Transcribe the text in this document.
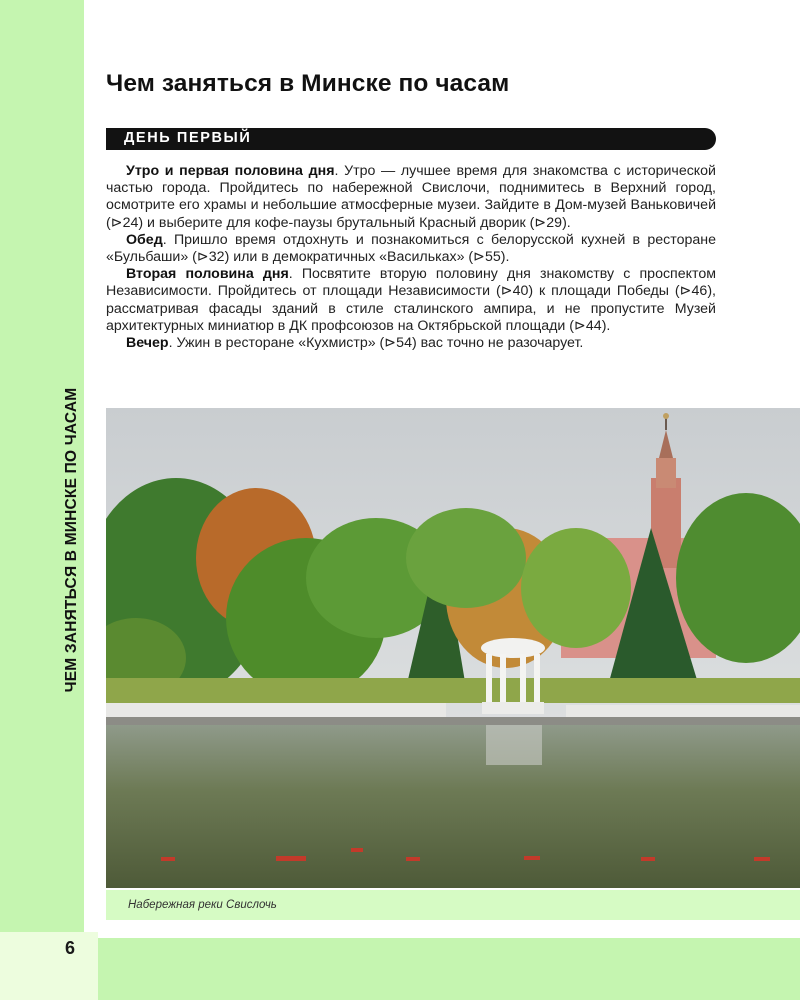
ЧЕМ ЗАНЯТЬСЯ В МИНСКЕ ПО ЧАСАМ
6
Чем заняться в Минске по часам
ДЕНЬ ПЕРВЫЙ

Утро и первая половина дня. Утро — лучшее время для знакомства с исторической частью города. Пройдитесь по набережной Свислочи, поднимитесь в Верхний город, осмотрите его храмы и небольшие атмосферные музеи. Зайдите в Дом-музей Ваньковичей (⊳24) и выберите для кофе-паузы брутальный Красный дворик (⊳29).

Обед. Пришло время отдохнуть и познакомиться с белорусской кухней в ресторане «Бульбаши» (⊳32) или в демократичных «Васильках» (⊳55).

Вторая половина дня. Посвятите вторую половину дня знакомству с проспектом Независимости. Пройдитесь от площади Независимости (⊳40) к площади Победы (⊳46), рассматривая фасады зданий в стиле сталинского ампира, и не пропустите Музей архитектурных миниатюр в ДК профсоюзов на Октябрьской площади (⊳44).

Вечер. Ужин в ресторане «Кухмистр» (⊳54) вас точно не разочарует.

Набережная реки Свислочь
